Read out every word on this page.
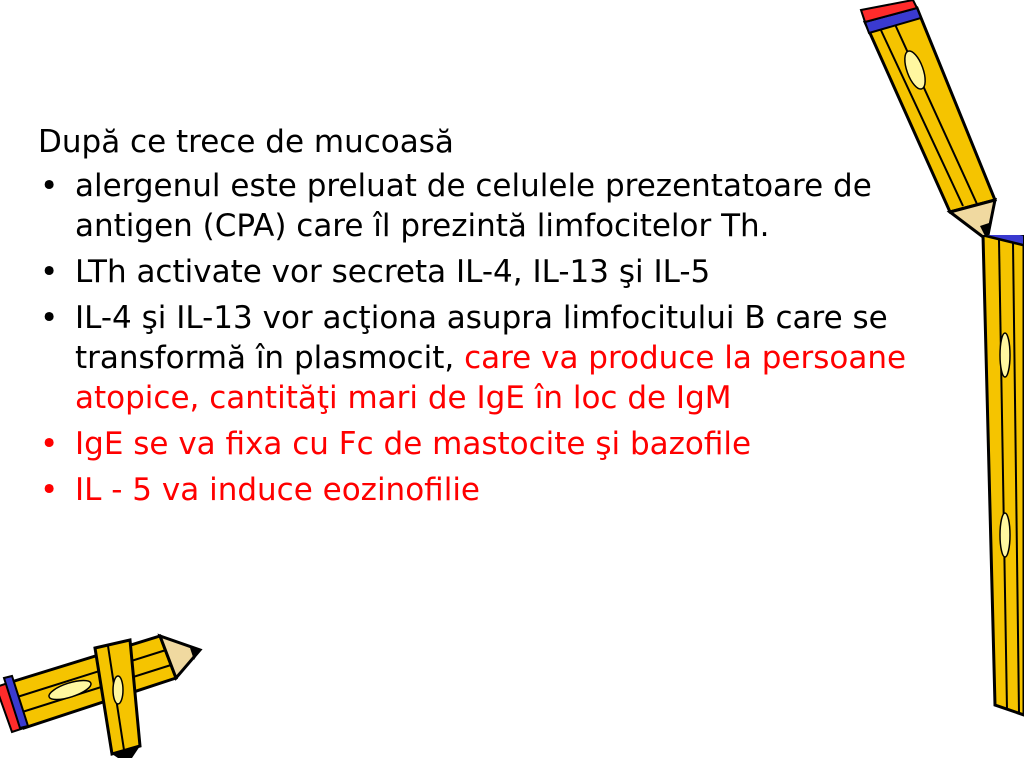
După ce trece de mucoasă

• alergenul este preluat de celulele prezentatoare de antigen (CPA) care îl prezintă limfocitelor Th.
• LTh activate vor secreta IL-4, IL-13 şi IL-5
• IL-4 şi IL-13 vor acţiona asupra limfocitului B care se transformă în plasmocit, care va produce la persoane atopice, cantităţi mari de IgE în loc de IgM
• IgE se va fixa cu Fc de mastocite şi bazofile
• IL - 5 va induce eozinofilie
